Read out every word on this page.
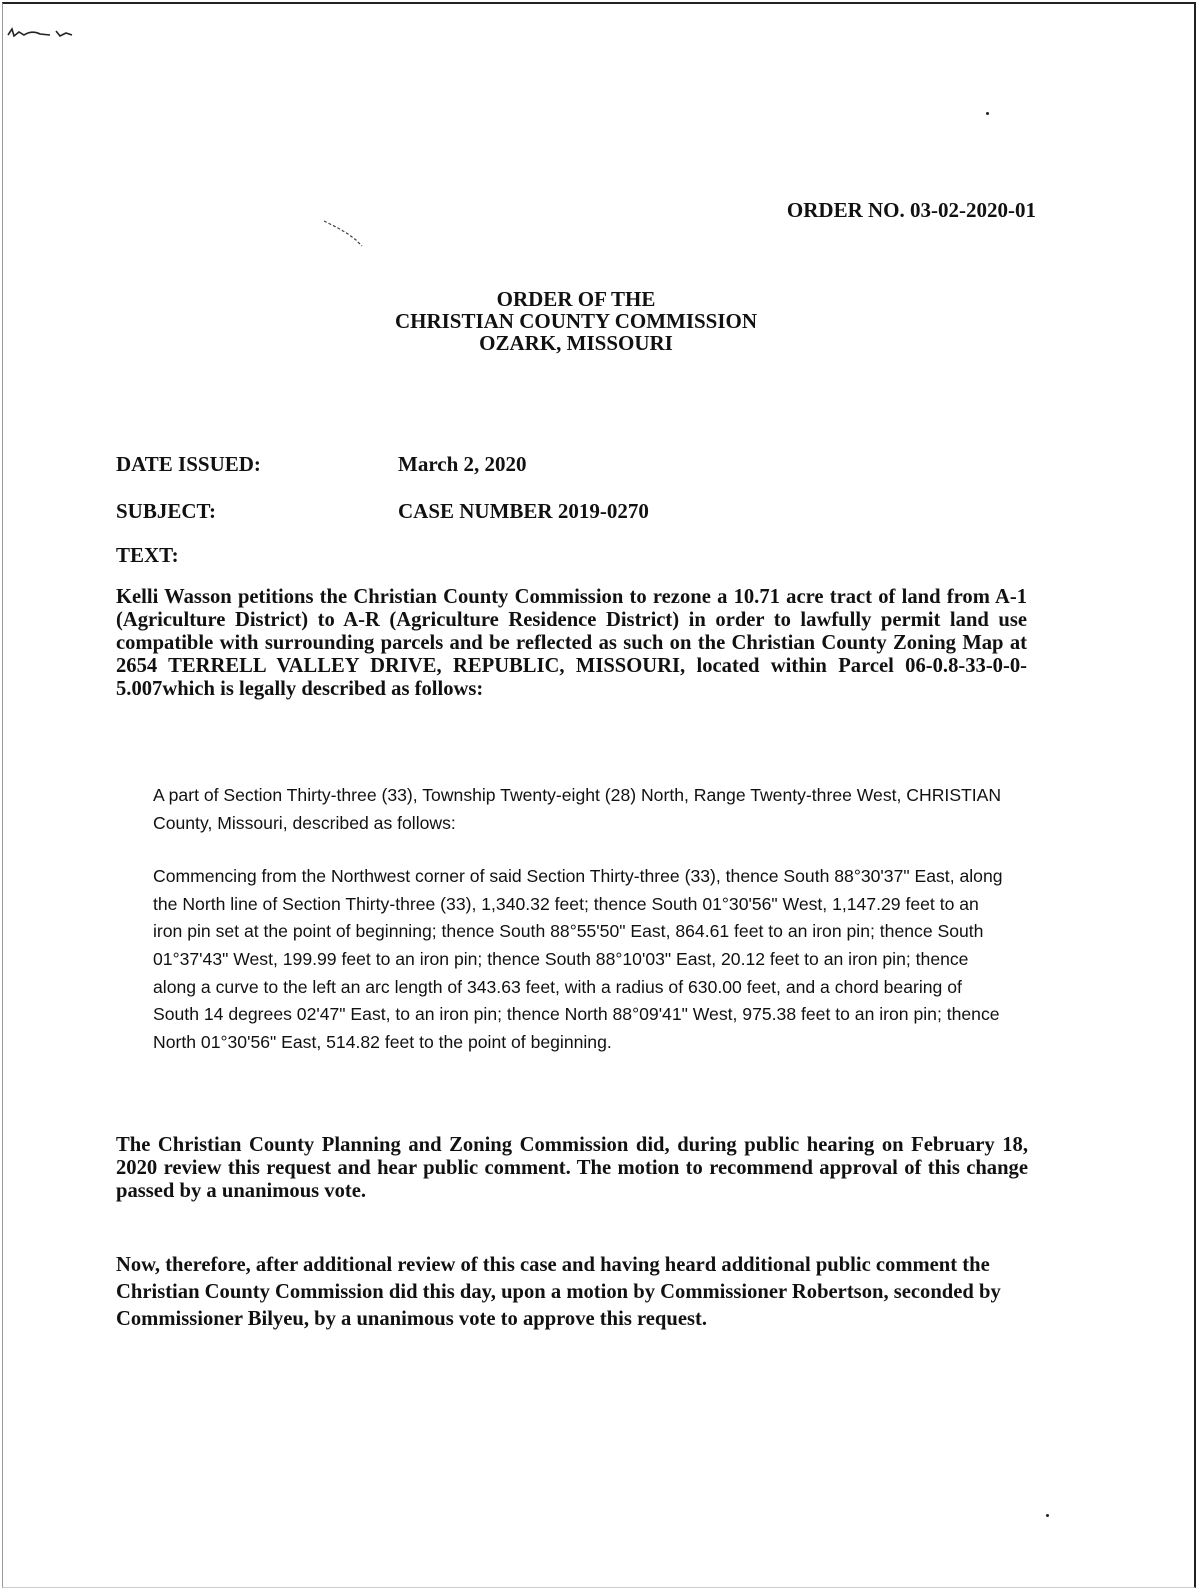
ORDER NO. 03-02-2020-01
ORDER OF THE
CHRISTIAN COUNTY COMMISSION
OZARK, MISSOURI
DATE ISSUED:	March 2, 2020
SUBJECT:	CASE NUMBER 2019-0270
TEXT:
Kelli Wasson petitions the Christian County Commission to rezone a 10.71 acre tract of land from A-1 (Agriculture District) to A-R (Agriculture Residence District) in order to lawfully permit land use compatible with surrounding parcels and be reflected as such on the Christian County Zoning Map at 2654 TERRELL VALLEY DRIVE, REPUBLIC, MISSOURI, located within Parcel 06-0.8-33-0-0-5.007which is legally described as follows:

A part of Section Thirty-three (33), Township Twenty-eight (28) North, Range Twenty-three West, CHRISTIAN County, Missouri, described as follows:

Commencing from the Northwest corner of said Section Thirty-three (33), thence South 88°30'37" East, along the North line of Section Thirty-three (33), 1,340.32 feet; thence South 01°30'56" West, 1,147.29 feet to an iron pin set at the point of beginning; thence South 88°55'50" East, 864.61 feet to an iron pin; thence South 01°37'43" West, 199.99 feet to an iron pin; thence South 88°10'03" East, 20.12 feet to an iron pin; thence along a curve to the left an arc length of 343.63 feet, with a radius of 630.00 feet, and a chord bearing of South 14 degrees 02'47" East, to an iron pin; thence North 88°09'41" West, 975.38 feet to an iron pin; thence North 01°30'56" East, 514.82 feet to the point of beginning.

The Christian County Planning and Zoning Commission did, during public hearing on February 18, 2020 review this request and hear public comment. The motion to recommend approval of this change passed by a unanimous vote.
Now, therefore, after additional review of this case and having heard additional public comment the Christian County Commission did this day, upon a motion by Commissioner Robertson, seconded by Commissioner Bilyeu, by a unanimous vote to approve this request.
